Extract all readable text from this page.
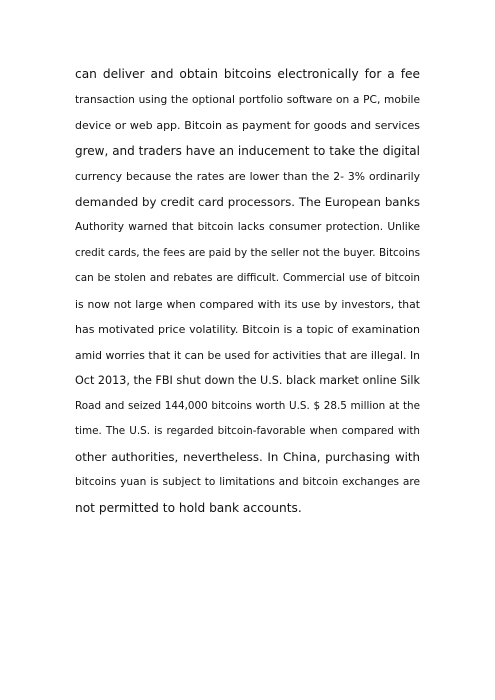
can deliver and obtain bitcoins electronically for a fee
transaction using the optional portfolio software on a PC, mobile
device or web app. Bitcoin as payment for goods and services
grew, and traders have an inducement to take the digital
currency because the rates are lower than the 2- 3% ordinarily
demanded by credit card processors. The European banks
Authority warned that bitcoin lacks consumer protection. Unlike
credit cards, the fees are paid by the seller not the buyer. Bitcoins
can be stolen and rebates are difficult. Commercial use of bitcoin
is now not large when compared with its use by investors, that
has motivated price volatility. Bitcoin is a topic of examination
amid worries that it can be used for activities that are illegal. In
Oct 2013, the FBI shut down the U.S. black market online Silk
Road and seized 144,000 bitcoins worth U.S. $ 28.5 million at the
time. The U.S. is regarded bitcoin-favorable when compared with
other authorities, nevertheless. In China, purchasing with
bitcoins yuan is subject to limitations and bitcoin exchanges are
not permitted to hold bank accounts.
